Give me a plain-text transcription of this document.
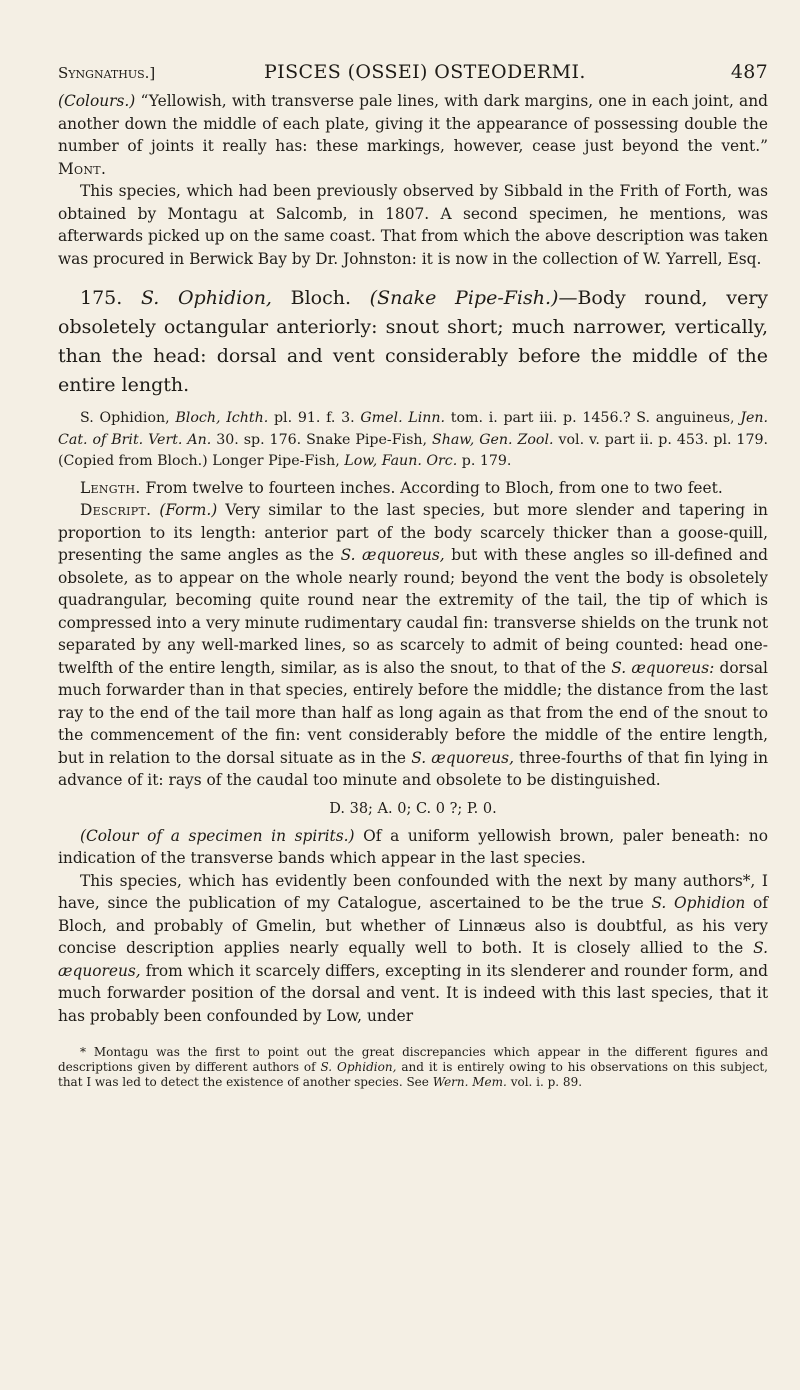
Syngnathus.]	PISCES (OSSEI) OSTEODERMI.	487

(Colours.) “Yellowish, with transverse pale lines, with dark margins, one in each joint, and another down the middle of each plate, giving it the appearance of possessing double the number of joints it really has: these markings, however, cease just beyond the vent.” Mont.

This species, which had been previously observed by Sibbald in the Frith of Forth, was obtained by Montagu at Salcomb, in 1807. A second specimen, he mentions, was afterwards picked up on the same coast. That from which the above description was taken was procured in Berwick Bay by Dr. Johnston: it is now in the collection of W. Yarrell, Esq.

175. S. Ophidion, Bloch. (Snake Pipe-Fish.)—Body round, very obsoletely octangular anteriorly: snout short; much narrower, vertically, than the head: dorsal and vent considerably before the middle of the entire length.

S. Ophidion, Bloch, Ichth. pl. 91. f. 3. Gmel. Linn. tom. i. part iii. p. 1456.? S. anguineus, Jen. Cat. of Brit. Vert. An. 30. sp. 176. Snake Pipe-Fish, Shaw, Gen. Zool. vol. v. part ii. p. 453. pl. 179. (Copied from Bloch.) Longer Pipe-Fish, Low, Faun. Orc. p. 179.

Length. From twelve to fourteen inches. According to Bloch, from one to two feet.

Descript. (Form.) Very similar to the last species, but more slender and tapering in proportion to its length: anterior part of the body scarcely thicker than a goose-quill, presenting the same angles as the S. æquoreus, but with these angles so ill-defined and obsolete, as to appear on the whole nearly round; beyond the vent the body is obsoletely quadrangular, becoming quite round near the extremity of the tail, the tip of which is compressed into a very minute rudimentary caudal fin: transverse shields on the trunk not separated by any well-marked lines, so as scarcely to admit of being counted: head one-twelfth of the entire length, similar, as is also the snout, to that of the S. æquoreus: dorsal much forwarder than in that species, entirely before the middle; the distance from the last ray to the end of the tail more than half as long again as that from the end of the snout to the commencement of the fin: vent considerably before the middle of the entire length, but in relation to the dorsal situate as in the S. æquoreus, three-fourths of that fin lying in advance of it: rays of the caudal too minute and obsolete to be distinguished.

D. 38; A. 0; C. 0 ?; P. 0.

(Colour of a specimen in spirits.) Of a uniform yellowish brown, paler beneath: no indication of the transverse bands which appear in the last species.

This species, which has evidently been confounded with the next by many authors*, I have, since the publication of my Catalogue, ascertained to be the true S. Ophidion of Bloch, and probably of Gmelin, but whether of Linnæus also is doubtful, as his very concise description applies nearly equally well to both. It is closely allied to the S. æquoreus, from which it scarcely differs, excepting in its slenderer and rounder form, and much forwarder position of the dorsal and vent. It is indeed with this last species, that it has probably been confounded by Low, under

* Montagu was the first to point out the great discrepancies which appear in the different figures and descriptions given by different authors of S. Ophidion, and it is entirely owing to his observations on this subject, that I was led to detect the existence of another species. See Wern. Mem. vol. i. p. 89.
